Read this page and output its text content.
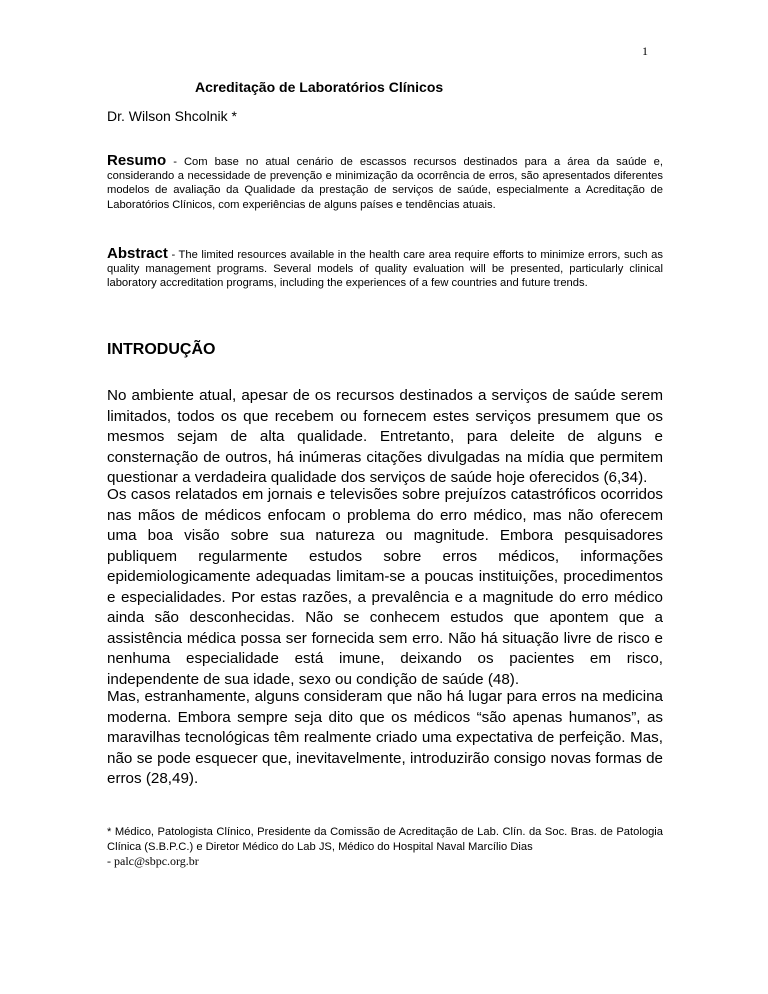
1
Acreditação de Laboratórios Clínicos
Dr. Wilson Shcolnik *
Resumo - Com base no atual cenário de escassos recursos destinados para a área da saúde e, considerando a necessidade de prevenção e minimização da ocorrência de erros, são apresentados diferentes modelos de avaliação da Qualidade da prestação de serviços de saúde, especialmente a Acreditação de Laboratórios Clínicos, com experiências de alguns países e tendências atuais.
Abstract - The limited resources available in the health care area require efforts to minimize errors, such as quality management programs. Several models of quality evaluation will be presented, particularly clinical laboratory accreditation programs, including the experiences of a few countries and future trends.
INTRODUÇÃO
No ambiente atual, apesar de os recursos destinados a serviços de saúde serem limitados, todos os que recebem ou fornecem estes serviços presumem que os mesmos sejam de alta qualidade. Entretanto, para deleite de alguns e consternação de outros, há inúmeras citações divulgadas na mídia que permitem questionar a verdadeira qualidade dos serviços de saúde hoje oferecidos (6,34).
Os casos relatados em jornais e televisões sobre prejuízos catastróficos ocorridos nas mãos de médicos enfocam o problema do erro médico, mas não oferecem uma boa visão sobre sua natureza ou magnitude. Embora pesquisadores publiquem regularmente estudos sobre erros médicos, informações epidemiologicamente adequadas limitam-se a poucas instituições, procedimentos e especialidades. Por estas razões, a prevalência e a magnitude do erro médico ainda são desconhecidas. Não se conhecem estudos que apontem que a assistência médica possa ser fornecida sem erro. Não há situação livre de risco e nenhuma especialidade está imune, deixando os pacientes em risco, independente de sua idade, sexo ou condição de saúde (48).
Mas, estranhamente, alguns consideram que não há lugar para erros na medicina moderna. Embora sempre seja dito que os médicos “são apenas humanos”, as maravilhas tecnológicas têm realmente criado uma expectativa de perfeição. Mas, não se pode esquecer que, inevitavelmente, introduzirão consigo novas formas de erros (28,49).
* Médico, Patologista Clínico, Presidente da Comissão de Acreditação de Lab. Clín. da Soc. Bras. de Patologia Clínica (S.B.P.C.) e Diretor Médico do Lab JS, Médico do Hospital Naval Marcílio Dias
- palc@sbpc.org.br
